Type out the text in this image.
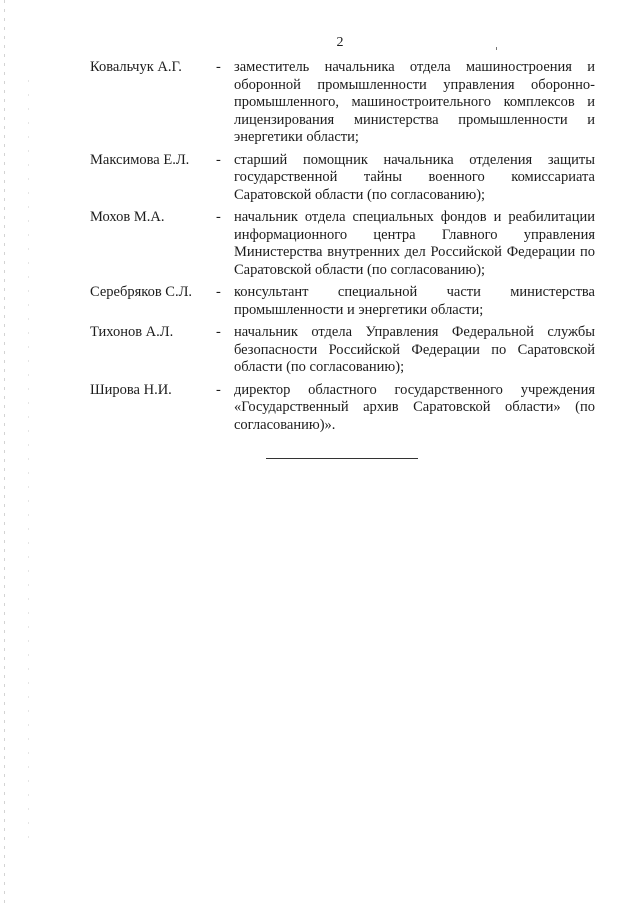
2
Ковальчук А.Г.	- заместитель начальника отдела машиностроения и оборонной промышленности управления оборонно-промышленного, машиностроительного комплексов и лицензирования министерства промышленности и энергетики области;
Максимова Е.Л.	- старший помощник начальника отделения защиты государственной тайны военного комиссариата Саратовской области (по согласованию);
Мохов М.А.	- начальник отдела специальных фондов и реабилитации информационного центра Главного управления Министерства внутренних дел Российской Федерации по Саратовской области (по согласованию);
Серебряков С.Л.	- консультант специальной части министерства промышленности и энергетики области;
Тихонов А.Л.	- начальник отдела Управления Федеральной службы безопасности Российской Федерации по Саратовской области (по согласованию);
Широва Н.И.	- директор областного государственного учреждения «Государственный архив Саратовской области» (по согласованию)».
